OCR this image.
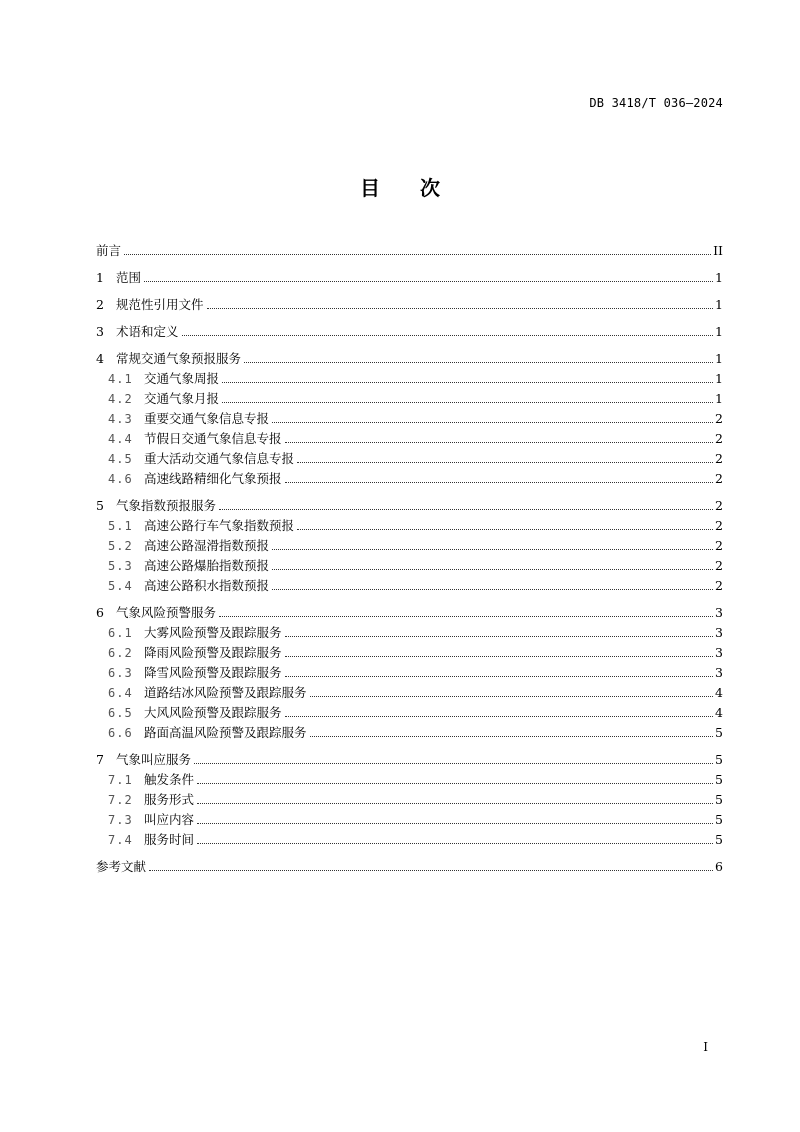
DB 3418/T 036—2024
目次
前言	II
1 范围	1
2 规范性引用文件	1
3 术语和定义	1
4 常规交通气象预报服务	1
4.1 交通气象周报	1
4.2 交通气象月报	1
4.3 重要交通气象信息专报	2
4.4 节假日交通气象信息专报	2
4.5 重大活动交通气象信息专报	2
4.6 高速线路精细化气象预报	2
5 气象指数预报服务	2
5.1 高速公路行车气象指数预报	2
5.2 高速公路湿滑指数预报	2
5.3 高速公路爆胎指数预报	2
5.4 高速公路积水指数预报	2
6 气象风险预警服务	3
6.1 大雾风险预警及跟踪服务	3
6.2 降雨风险预警及跟踪服务	3
6.3 降雪风险预警及跟踪服务	3
6.4 道路结冰风险预警及跟踪服务	4
6.5 大风风险预警及跟踪服务	4
6.6 路面高温风险预警及跟踪服务	5
7 气象叫应服务	5
7.1 触发条件	5
7.2 服务形式	5
7.3 叫应内容	5
7.4 服务时间	5
参考文献	6
I
